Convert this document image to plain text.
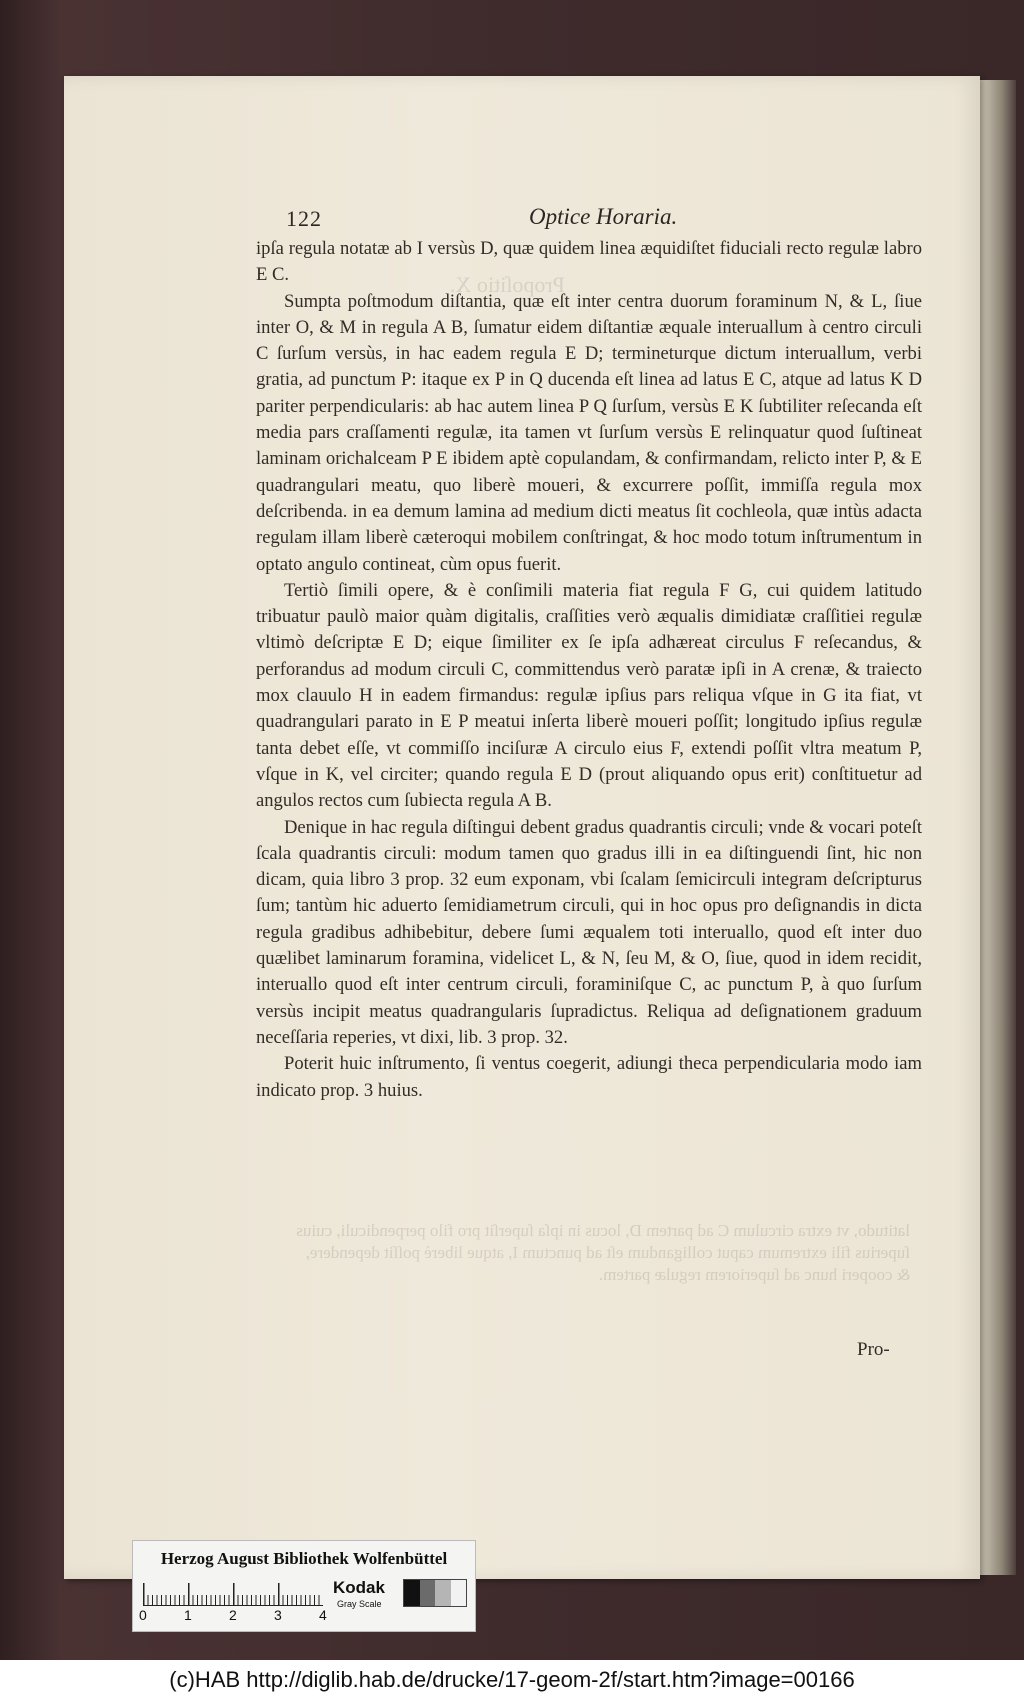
Propoſitio X.
122	Optice Horaria.

ipſa regula notatæ ab I versùs D, quæ quidem linea æquidiſtet fiduciali recto regulæ labro E C.

Sumpta poſtmodum diſtantia, quæ eſt inter centra duorum foraminum N, & L, ſiue inter O, & M in regula A B, ſumatur eidem diſtantiæ æquale interuallum à centro circuli C ſurſum versùs, in hac eadem regula E D; termineturque dictum interuallum, verbi gratia, ad punctum P: itaque ex P in Q ducenda eſt linea ad latus E C, atque ad latus K D pariter perpendicularis: ab hac autem linea P Q ſurſum, versùs E K ſubtiliter reſecanda eſt media pars craſſamenti regulæ, ita tamen vt ſurſum versùs E relinquatur quod ſuſtineat laminam orichalceam P E ibidem aptè copulandam, & confirmandam, relicto inter P, & E quadrangulari meatu, quo liberè moueri, & excurrere poſſit, immiſſa regula mox deſcribenda. in ea demum lamina ad medium dicti meatus ſit cochleola, quæ intùs adacta regulam illam liberè cæteroqui mobilem conſtringat, & hoc modo totum inſtrumentum in optato angulo contineat, cùm opus fuerit.

Tertiò ſimili opere, & è conſimili materia fiat regula F G, cui quidem latitudo tribuatur paulò maior quàm digitalis, craſſities verò æqualis dimidiatæ craſſitiei regulæ vltimò deſcriptæ E D; eique ſimiliter ex ſe ipſa adhæreat circulus F reſecandus, & perforandus ad modum circuli C, committendus verò paratæ ipſi in A crenæ, & traiecto mox clauulo H in eadem firmandus: regulæ ipſius pars reliqua vſque in G ita fiat, vt quadrangulari parato in E P meatui inſerta liberè moueri poſſit; longitudo ipſius regulæ tanta debet eſſe, vt commiſſo inciſuræ A circulo eius F, extendi poſſit vltra meatum P, vſque in K, vel circiter; quando regula E D (prout aliquando opus erit) conſtituetur ad angulos rectos cum ſubiecta regula A B.

Denique in hac regula diſtingui debent gradus quadrantis circuli; vnde & vocari poteſt ſcala quadrantis circuli: modum tamen quo gradus illi in ea diſtinguendi ſint, hic non dicam, quia libro 3 prop. 32 eum exponam, vbi ſcalam ſemicirculi integram deſcripturus ſum; tantùm hic aduerto ſemidiametrum circuli, qui in hoc opus pro deſignandis in dicta regula gradibus adhibebitur, debere ſumi æqualem toti interuallo, quod eſt inter duo quælibet laminarum foramina, videlicet L, & N, ſeu M, & O, ſiue, quod in idem recidit, interuallo quod eſt inter centrum circuli, foraminiſque C, ac punctum P, à quo ſurſum versùs incipit meatus quadrangularis ſupradictus. Reliqua ad deſignationem graduum neceſſaria reperies, vt dixi, lib. 3 prop. 32.

Poterit huic inſtrumento, ſi ventus coegerit, adiungi theca perpendicularia modo iam indicato prop. 3 huius.

latitudo, vt extra circulum C ad partem D, locus in ipſa ſuperſit pro filo perpendiculi, cuius ſuperius fili extremum caput colligandum eſt ad punctum I, atque liberè poſſit dependere, & cooperi hunc ad ſuperiorem regulæ partem.
Pro-
Herzog August Bibliothek Wolfenbüttel
0	1	2	3	4
Kodak
Gray Scale
(c)HAB http://diglib.hab.de/drucke/17-geom-2f/start.htm?image=00166
